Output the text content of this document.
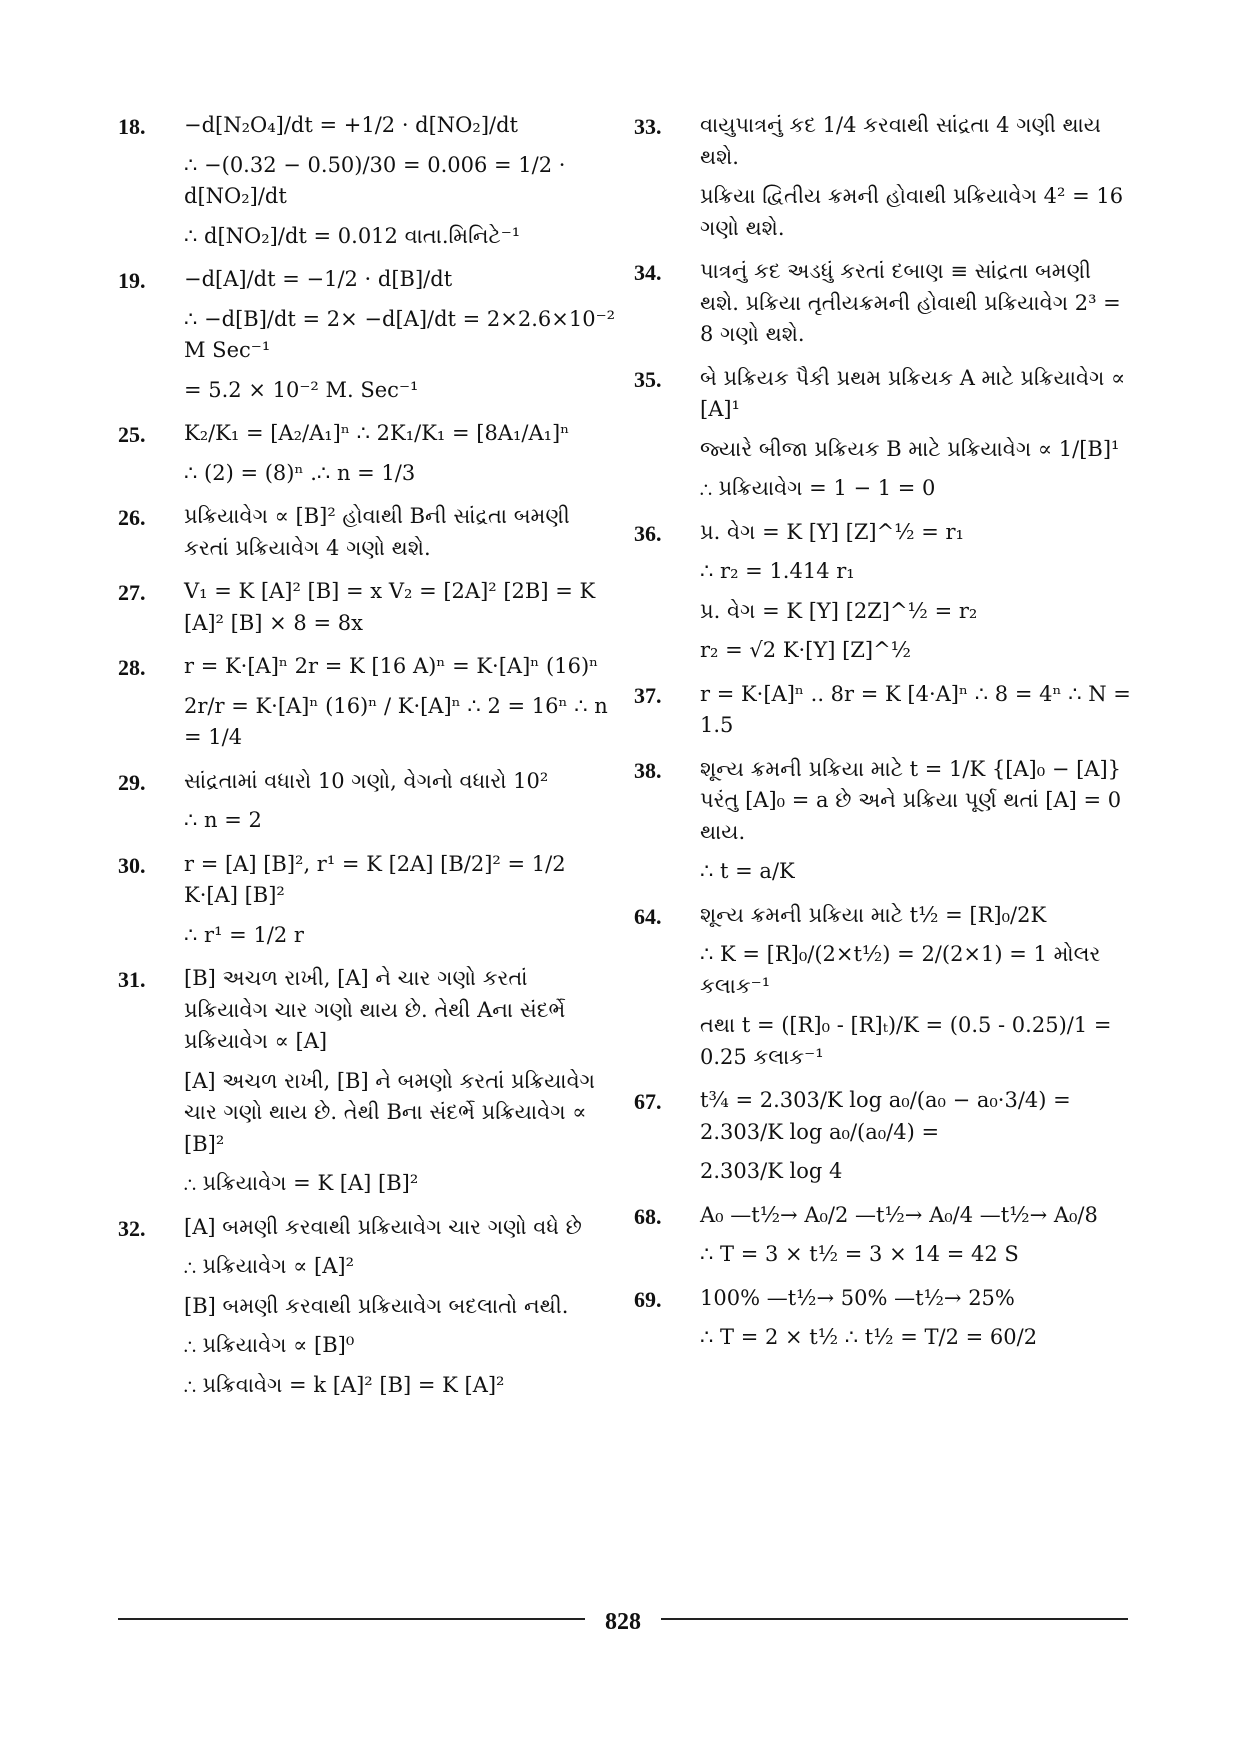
18. −d[N₂O₄]/dt = +1/2 · d[NO₂]/dt
∴ −(0.32 − 0.50)/30 = 0.006 = 1/2 · d[NO₂]/dt
∴ d[NO₂]/dt = 0.012 વાતા.મિનિટે⁻¹
19. −d[A]/dt = −1/2 · d[B]/dt
∴ −d[B]/dt = 2× −d[A]/dt = 2×2.6×10⁻² M Sec⁻¹
= 5.2 × 10⁻² M. Sec⁻¹
25. K₂/K₁ = [A₂/A₁]ⁿ ∴ 2K₁/K₁ = [8A₁/A₁]ⁿ
∴ (2) = (8)ⁿ .∴ n = 1/3
26. પ્રક્રિયાવેગ ∝ [B]² હોવાથી Bની સાંદ્રતા બમણી કરતાં પ્રક્રિયાવેગ 4 ગણો થશે.
27. V₁ = K [A]² [B] = x V₂ = [2A]² [2B] = K [A]² [B] × 8 = 8x
28. r = K·[A]ⁿ 2r = K [16 A)ⁿ = K·[A]ⁿ (16)ⁿ
2r/r = K·[A]ⁿ (16)ⁿ / K·[A]ⁿ ∴ 2 = 16ⁿ ∴ n = 1/4
29. સાંદ્રતામાં વધારો 10 ગણો, વેગનો વધારો 10²
∴ n = 2
30. r = [A] [B]², r¹ = K [2A] [B/2]² = 1/2 K·[A] [B]²
∴ r¹ = 1/2 r
31. [B] અચળ રાખી, [A] ને ચાર ગણો કરતાં પ્રક્રિયાવેગ ચાર ગણો થાય છે. તેથી Aના સંદર્ભે પ્રક્રિયાવેગ ∝ [A]
[A] અચળ રાખી, [B] ને બમણો કરતાં પ્રક્રિયાવેગ ચાર ગણો થાય છે. તેથી Bના સંદર્ભે પ્રક્રિયાવેગ ∝ [B]²
∴ પ્રક્રિયાવેગ = K [A] [B]²
32. [A] બમણી કરવાથી પ્રક્રિયાવેગ ચાર ગણો વધે છે
∴ પ્રક્રિયાવેગ ∝ [A]²
[B] બમણી કરવાથી પ્રક્રિયાવેગ બદલાતો નથી.
∴ પ્રક્રિયાવેગ ∝ [B]⁰
∴ પ્રક્રિવાવેગ = k [A]² [B] = K [A]²
33. વાયુપાત્રનું કદ 1/4 કરવાથી સાંદ્રતા 4 ગણી થાય થશે.
પ્રક્રિયા દ્વિતીય ક્રમની હોવાથી પ્રક્રિયાવેગ 4² = 16 ગણો થશે.
34. પાત્રનું કદ અડધું કરતાં દબાણ ≡ સાંદ્રતા બમણી થશે. પ્રક્રિયા તૃતીયક્રમની હોવાથી પ્રક્રિયાવેગ 2³ = 8 ગણો થશે.
35. બે પ્રક્રિયક પૈકી પ્રથમ પ્રક્રિયક A માટે પ્રક્રિયાવેગ ∝ [A]¹
જ્યારે બીજા પ્રક્રિયક B માટે પ્રક્રિયાવેગ ∝ 1/[B]¹
∴ પ્રક્રિયાવેગ = 1 − 1 = 0
36. પ્ર. વેગ = K [Y] [Z]^½ = r₁
∴ r₂ = 1.414 r₁
પ્ર. વેગ = K [Y] [2Z]^½ = r₂
r₂ = √2 K·[Y] [Z]^½
37. r = K·[A]ⁿ .. 8r = K [4·A]ⁿ ∴ 8 = 4ⁿ ∴ N = 1.5
38. શૂન્ય ક્રમની પ્રક્રિયા માટે t = 1/K {[A]₀ − [A]} પરંતુ [A]₀ = a છે અને પ્રક્રિયા પૂર્ણ થતાં [A] = 0 થાય.
∴ t = a/K
64. શૂન્ય ક્રમની પ્રક્રિયા માટે t½ = [R]₀/2K
∴ K = [R]₀/(2×t½) = 2/(2×1) = 1 મોલર કલાક⁻¹
તથા t = ([R]₀ - [R]ₜ)/K = (0.5 - 0.25)/1 = 0.25 કલાક⁻¹
67. t¾ = 2.303/K log a₀/(a₀ − a₀·3/4) = 2.303/K log a₀/(a₀/4) =
2.303/K log 4
68. A₀ —t½→ A₀/2 —t½→ A₀/4 —t½→ A₀/8
∴ T = 3 × t½ = 3 × 14 = 42 S
69. 100% —t½→ 50% —t½→ 25%
∴ T = 2 × t½ ∴ t½ = T/2 = 60/2
828
